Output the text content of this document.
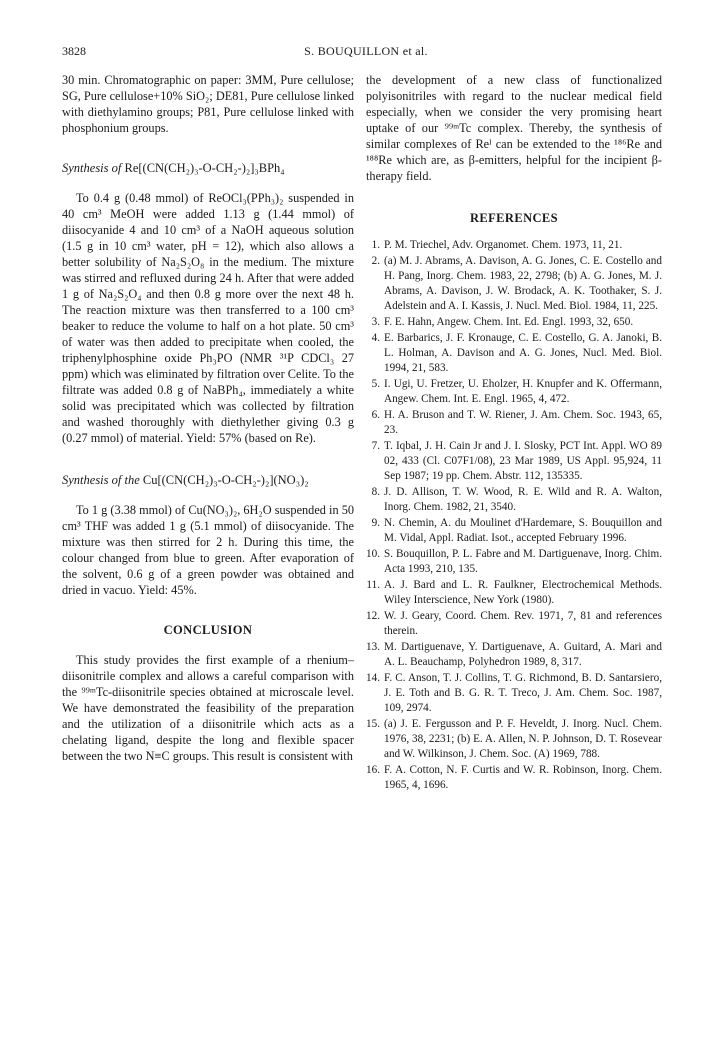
3828	S. BOUQUILLON et al.

30 min. Chromatographic on paper: 3MM, Pure cellulose; SG, Pure cellulose+10% SiO₂; DE81, Pure cellulose linked with diethylamino groups; P81, Pure cellulose linked with phosphonium groups.

Synthesis of Re[(CN(CH₂)₃-O-CH₂-)₂]₃BPh₄

To 0.4 g (0.48 mmol) of ReOCl₃(PPh₃)₂ suspended in 40 cm³ MeOH were added 1.13 g (1.44 mmol) of diisocyanide 4 and 10 cm³ of a NaOH aqueous solution (1.5 g in 10 cm³ water, pH = 12), which also allows a better solubility of Na₂S₂O₈ in the medium. The mixture was stirred and refluxed during 24 h. After that were added 1 g of Na₂S₂O₄ and then 0.8 g more over the next 48 h. The reaction mixture was then transferred to a 100 cm³ beaker to reduce the volume to half on a hot plate. 50 cm³ of water was then added to precipitate when cooled, the triphenylphosphine oxide Ph₃PO (NMR ³¹P CDCl₃ 27 ppm) which was eliminated by filtration over Celite. To the filtrate was added 0.8 g of NaBPh₄, immediately a white solid was precipitated which was collected by filtration and washed thoroughly with diethylether giving 0.3 g (0.27 mmol) of material. Yield: 57% (based on Re).

Synthesis of the Cu[(CN(CH₂)₃-O-CH₂-)₂](NO₃)₂

To 1 g (3.38 mmol) of Cu(NO₃)₂, 6H₂O suspended in 50 cm³ THF was added 1 g (5.1 mmol) of diisocyanide. The mixture was then stirred for 2 h. During this time, the colour changed from blue to green. After evaporation of the solvent, 0.6 g of a green powder was obtained and dried in vacuo. Yield: 45%.

CONCLUSION

This study provides the first example of a rhenium–diisonitrile complex and allows a careful comparison with the ⁹⁹ᵐTc-diisonitrile species obtained at microscale level. We have demonstrated the feasibility of the preparation and the utilization of a diisonitrile which acts as a chelating ligand, despite the long and flexible spacer between the two N≡C groups. This result is consistent with

the development of a new class of functionalized polyisonitriles with regard to the nuclear medical field especially, when we consider the very promising heart uptake of our ⁹⁹ᵐTc complex. Thereby, the synthesis of similar complexes of Reᴵ can be extended to the ¹⁸⁶Re and ¹⁸⁸Re which are, as β-emitters, helpful for the incipient β-therapy field.

REFERENCES
1. P. M. Triechel, Adv. Organomet. Chem. 1973, 11, 21.
2. (a) M. J. Abrams, A. Davison, A. G. Jones, C. E. Costello and H. Pang, Inorg. Chem. 1983, 22, 2798; (b) A. G. Jones, M. J. Abrams, A. Davison, J. W. Brodack, A. K. Toothaker, S. J. Adelstein and A. I. Kassis, J. Nucl. Med. Biol. 1984, 11, 225.
3. F. E. Hahn, Angew. Chem. Int. Ed. Engl. 1993, 32, 650.
4. E. Barbarics, J. F. Kronauge, C. E. Costello, G. A. Janoki, B. L. Holman, A. Davison and A. G. Jones, Nucl. Med. Biol. 1994, 21, 583.
5. I. Ugi, U. Fretzer, U. Eholzer, H. Knupfer and K. Offermann, Angew. Chem. Int. E. Engl. 1965, 4, 472.
6. H. A. Bruson and T. W. Riener, J. Am. Chem. Soc. 1943, 65, 23.
7. T. Iqbal, J. H. Cain Jr and J. I. Slosky, PCT Int. Appl. WO 89 02, 433 (Cl. C07F1/08), 23 Mar 1989, US Appl. 95,924, 11 Sep 1987; 19 pp. Chem. Abstr. 112, 135335.
8. J. D. Allison, T. W. Wood, R. E. Wild and R. A. Walton, Inorg. Chem. 1982, 21, 3540.
9. N. Chemin, A. du Moulinet d'Hardemare, S. Bouquillon and M. Vidal, Appl. Radiat. Isot., accepted February 1996.
10. S. Bouquillon, P. L. Fabre and M. Dartiguenave, Inorg. Chim. Acta 1993, 210, 135.
11. A. J. Bard and L. R. Faulkner, Electrochemical Methods. Wiley Interscience, New York (1980).
12. W. J. Geary, Coord. Chem. Rev. 1971, 7, 81 and references therein.
13. M. Dartiguenave, Y. Dartiguenave, A. Guitard, A. Mari and A. L. Beauchamp, Polyhedron 1989, 8, 317.
14. F. C. Anson, T. J. Collins, T. G. Richmond, B. D. Santarsiero, J. E. Toth and B. G. R. T. Treco, J. Am. Chem. Soc. 1987, 109, 2974.
15. (a) J. E. Fergusson and P. F. Heveldt, J. Inorg. Nucl. Chem. 1976, 38, 2231; (b) E. A. Allen, N. P. Johnson, D. T. Rosevear and W. Wilkinson, J. Chem. Soc. (A) 1969, 788.
16. F. A. Cotton, N. F. Curtis and W. R. Robinson, Inorg. Chem. 1965, 4, 1696.
